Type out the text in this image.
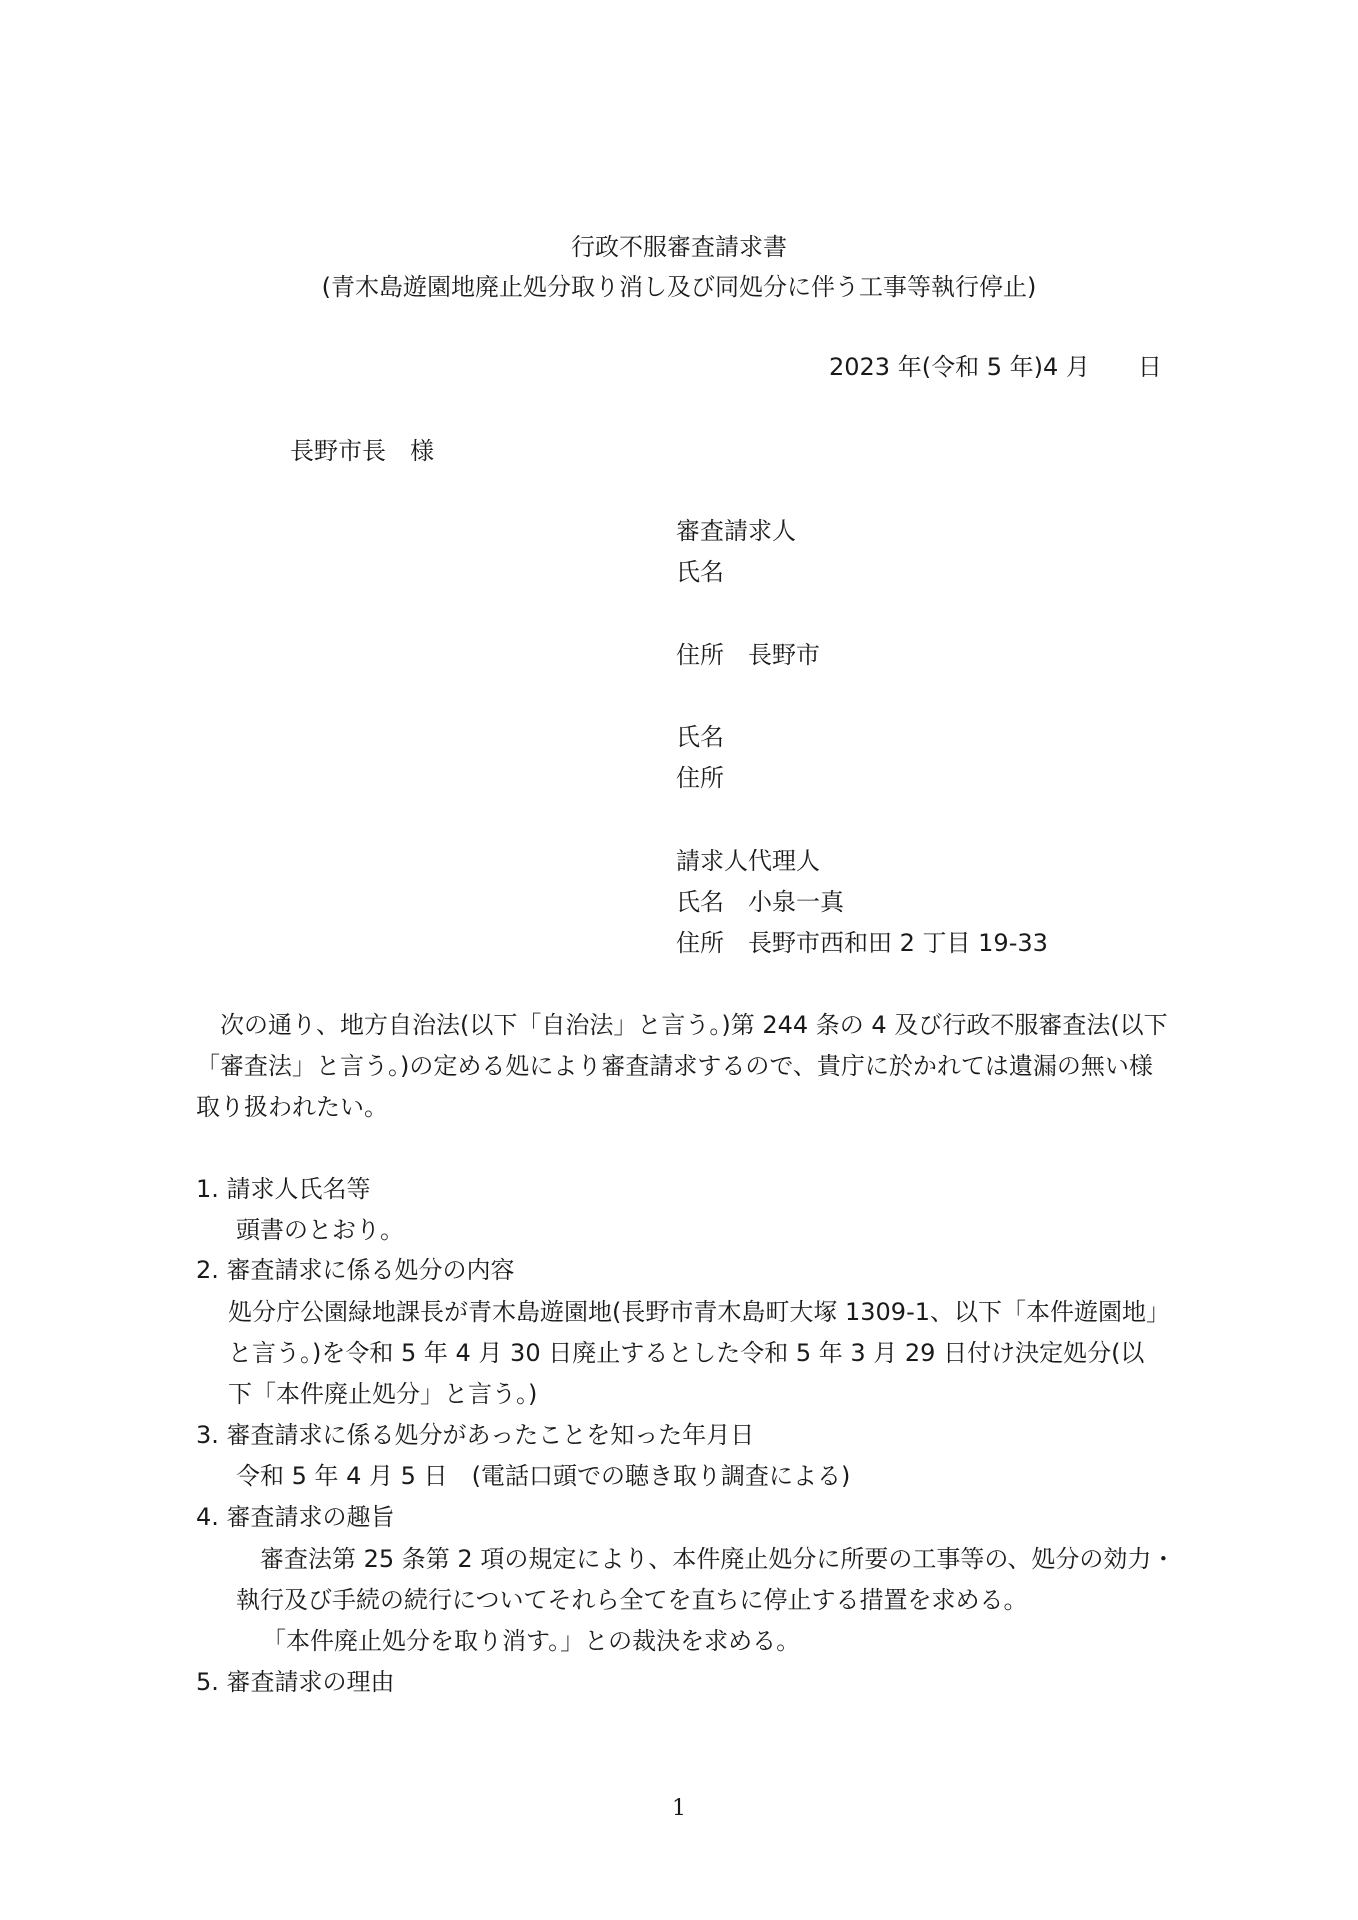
行政不服審査請求書
(青木島遊園地廃止処分取り消し及び同処分に伴う工事等執行停止)
2023 年(令和 5 年)4 月　　日
長野市長　様
審査請求人
氏名
住所　長野市
氏名
住所
請求人代理人
氏名　小泉一真
住所　長野市西和田 2 丁目 19-33
　次の通り、地方自治法(以下「自治法」と言う。)第 244 条の 4 及び行政不服審査法(以下
「審査法」と言う。)の定める処により審査請求するので、貴庁に於かれては遺漏の無い様
取り扱われたい。
1. 請求人氏名等
頭書のとおり。
2. 審査請求に係る処分の内容
処分庁公園緑地課長が青木島遊園地(長野市青木島町大塚 1309-1、以下「本件遊園地」
と言う。)を令和 5 年 4 月 30 日廃止するとした令和 5 年 3 月 29 日付け決定処分(以
下「本件廃止処分」と言う。)
3. 審査請求に係る処分があったことを知った年月日
令和 5 年 4 月 5 日　(電話口頭での聴き取り調査による)
4. 審査請求の趣旨
審査法第 25 条第 2 項の規定により、本件廃止処分に所要の工事等の、処分の効力・
執行及び手続の続行についてそれら全てを直ちに停止する措置を求める。
「本件廃止処分を取り消す。」との裁決を求める。
5. 審査請求の理由
1
